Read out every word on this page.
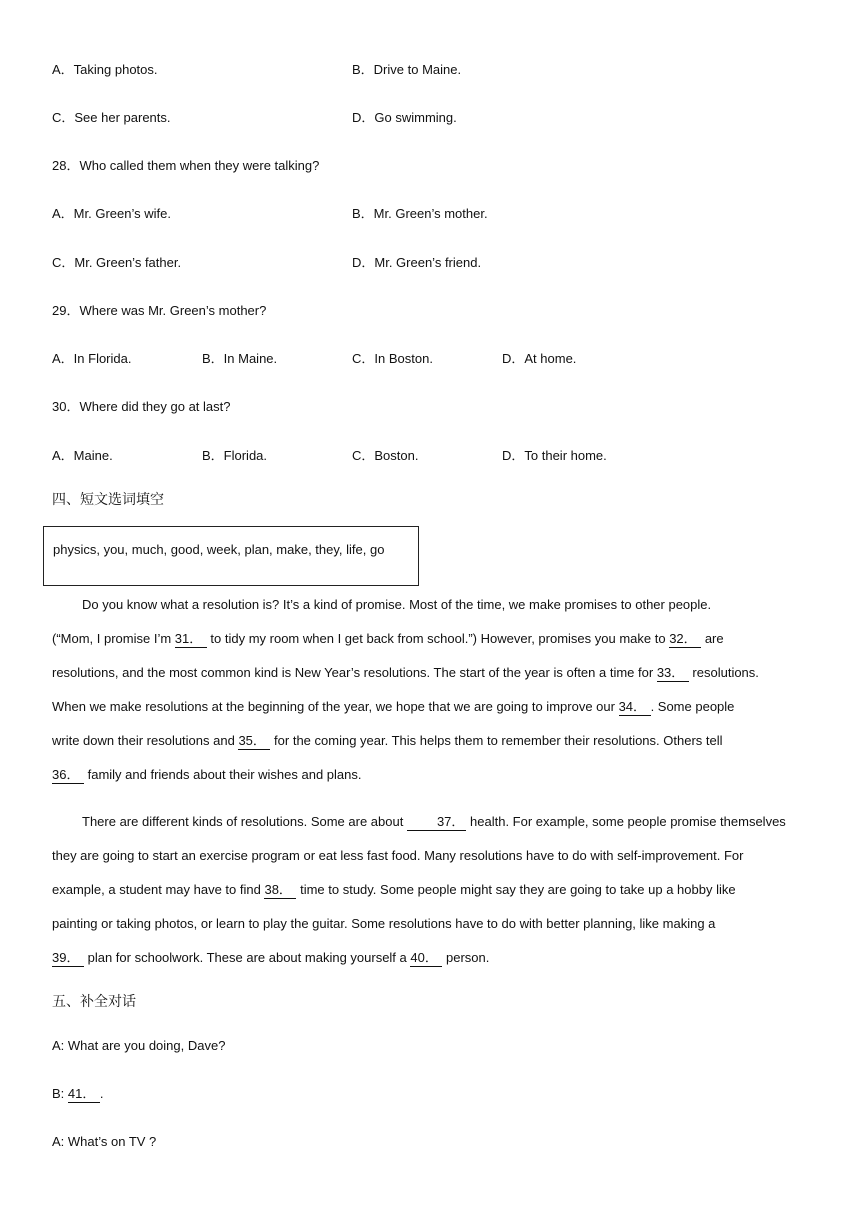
A．Taking photos.	B．Drive to Maine.
C．See her parents.	D．Go swimming.
28．Who called them when they were talking?
A．Mr. Green’s wife.	B．Mr. Green’s mother.
C．Mr. Green’s father.	D．Mr. Green’s friend.
29．Where was Mr. Green’s mother?
A．In Florida.	B．In Maine.	C．In Boston.	D．At home.
30．Where did they go at last?
A．Maine.	B．Florida.	C．Boston.	D．To their home.
四、短文选词填空
physics, you, much, good, week, plan, make, they, life, go

Do you know what a resolution is? It’s a kind of promise. Most of the time, we make promises to other people.

(“Mom, I promise I’m 31． to tidy my room when I get back from school.”) However, promises you make to 32． are

resolutions, and the most common kind is New Year’s resolutions. The start of the year is often a time for 33． resolutions.

When we make resolutions at the beginning of the year, we hope that we are going to improve our 34． . Some people

write down their resolutions and 35． for the coming year. This helps them to remember their resolutions. Others tell

36． family and friends about their wishes and plans.

There are different kinds of resolutions. Some are about 37． health. For example, some people promise themselves

they are going to start an exercise program or eat less fast food. Many resolutions have to do with self-improvement. For

example, a student may have to find 38． time to study. Some people might say they are going to take up a hobby like

painting or taking photos, or learn to play the guitar. Some resolutions have to do with better planning, like making a

39． plan for schoolwork. These are about making yourself a 40． person.

五、补全对话
A: What are you doing, Dave?
B: 41． .
A: What’s on TV ?
